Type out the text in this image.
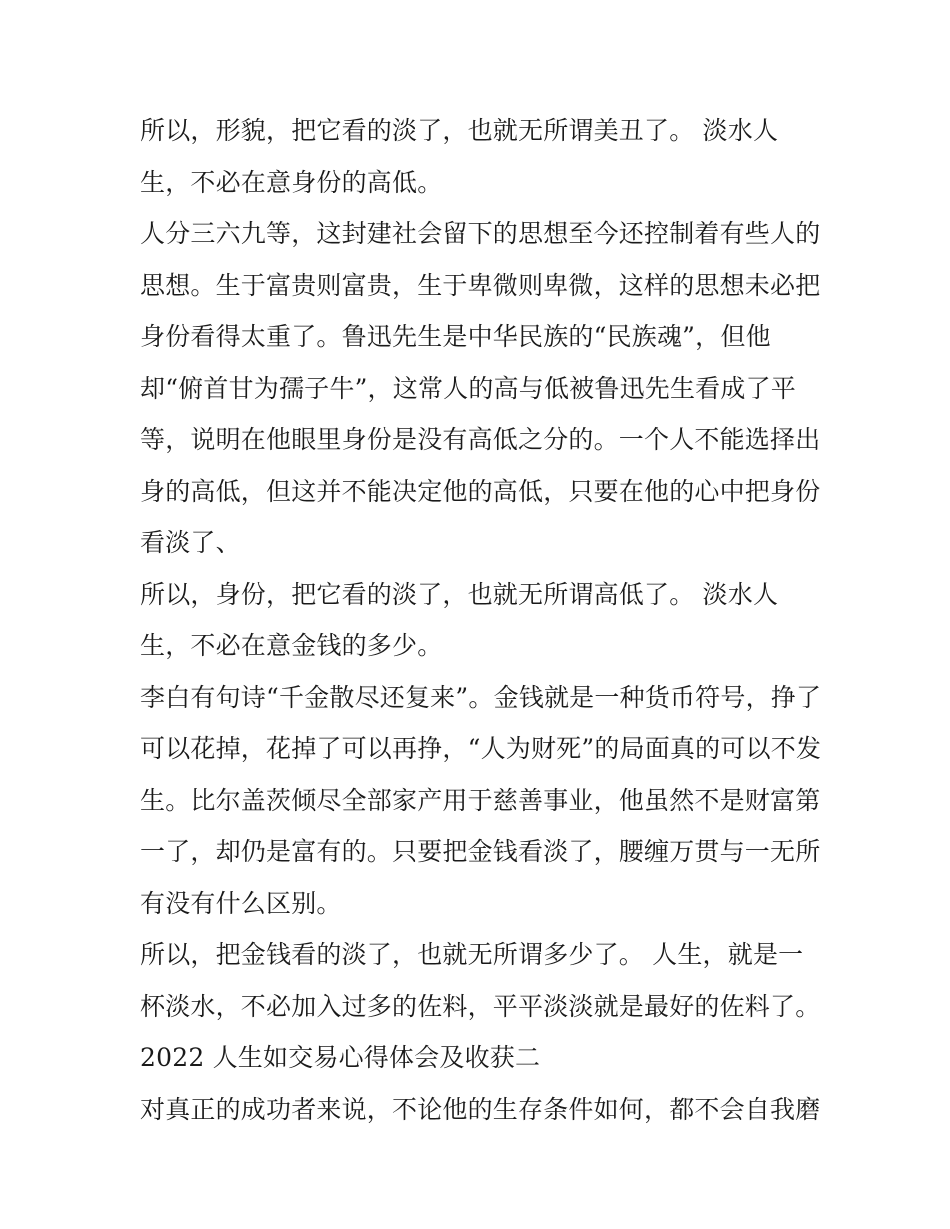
所以，形貌，把它看的淡了，也就无所谓美丑了。 淡水人
生，不必在意身份的高低。
人分三六九等，这封建社会留下的思想至今还控制着有些人的
思想。生于富贵则富贵，生于卑微则卑微，这样的思想未必把
身份看得太重了。鲁迅先生是中华民族的“民族魂”，但他
却“俯首甘为孺子牛”，这常人的高与低被鲁迅先生看成了平
等，说明在他眼里身份是没有高低之分的。一个人不能选择出
身的高低，但这并不能决定他的高低，只要在他的心中把身份
看淡了、
所以，身份，把它看的淡了，也就无所谓高低了。 淡水人
生，不必在意金钱的多少。
李白有句诗“千金散尽还复来”。金钱就是一种货币符号，挣了
可以花掉，花掉了可以再挣，“人为财死”的局面真的可以不发
生。比尔盖茨倾尽全部家产用于慈善事业，他虽然不是财富第
一了，却仍是富有的。只要把金钱看淡了，腰缠万贯与一无所
有没有什么区别。
所以，把金钱看的淡了，也就无所谓多少了。 人生，就是一
杯淡水，不必加入过多的佐料，平平淡淡就是最好的佐料了。
2022 人生如交易心得体会及收获二
对真正的成功者来说，不论他的生存条件如何，都不会自我磨
